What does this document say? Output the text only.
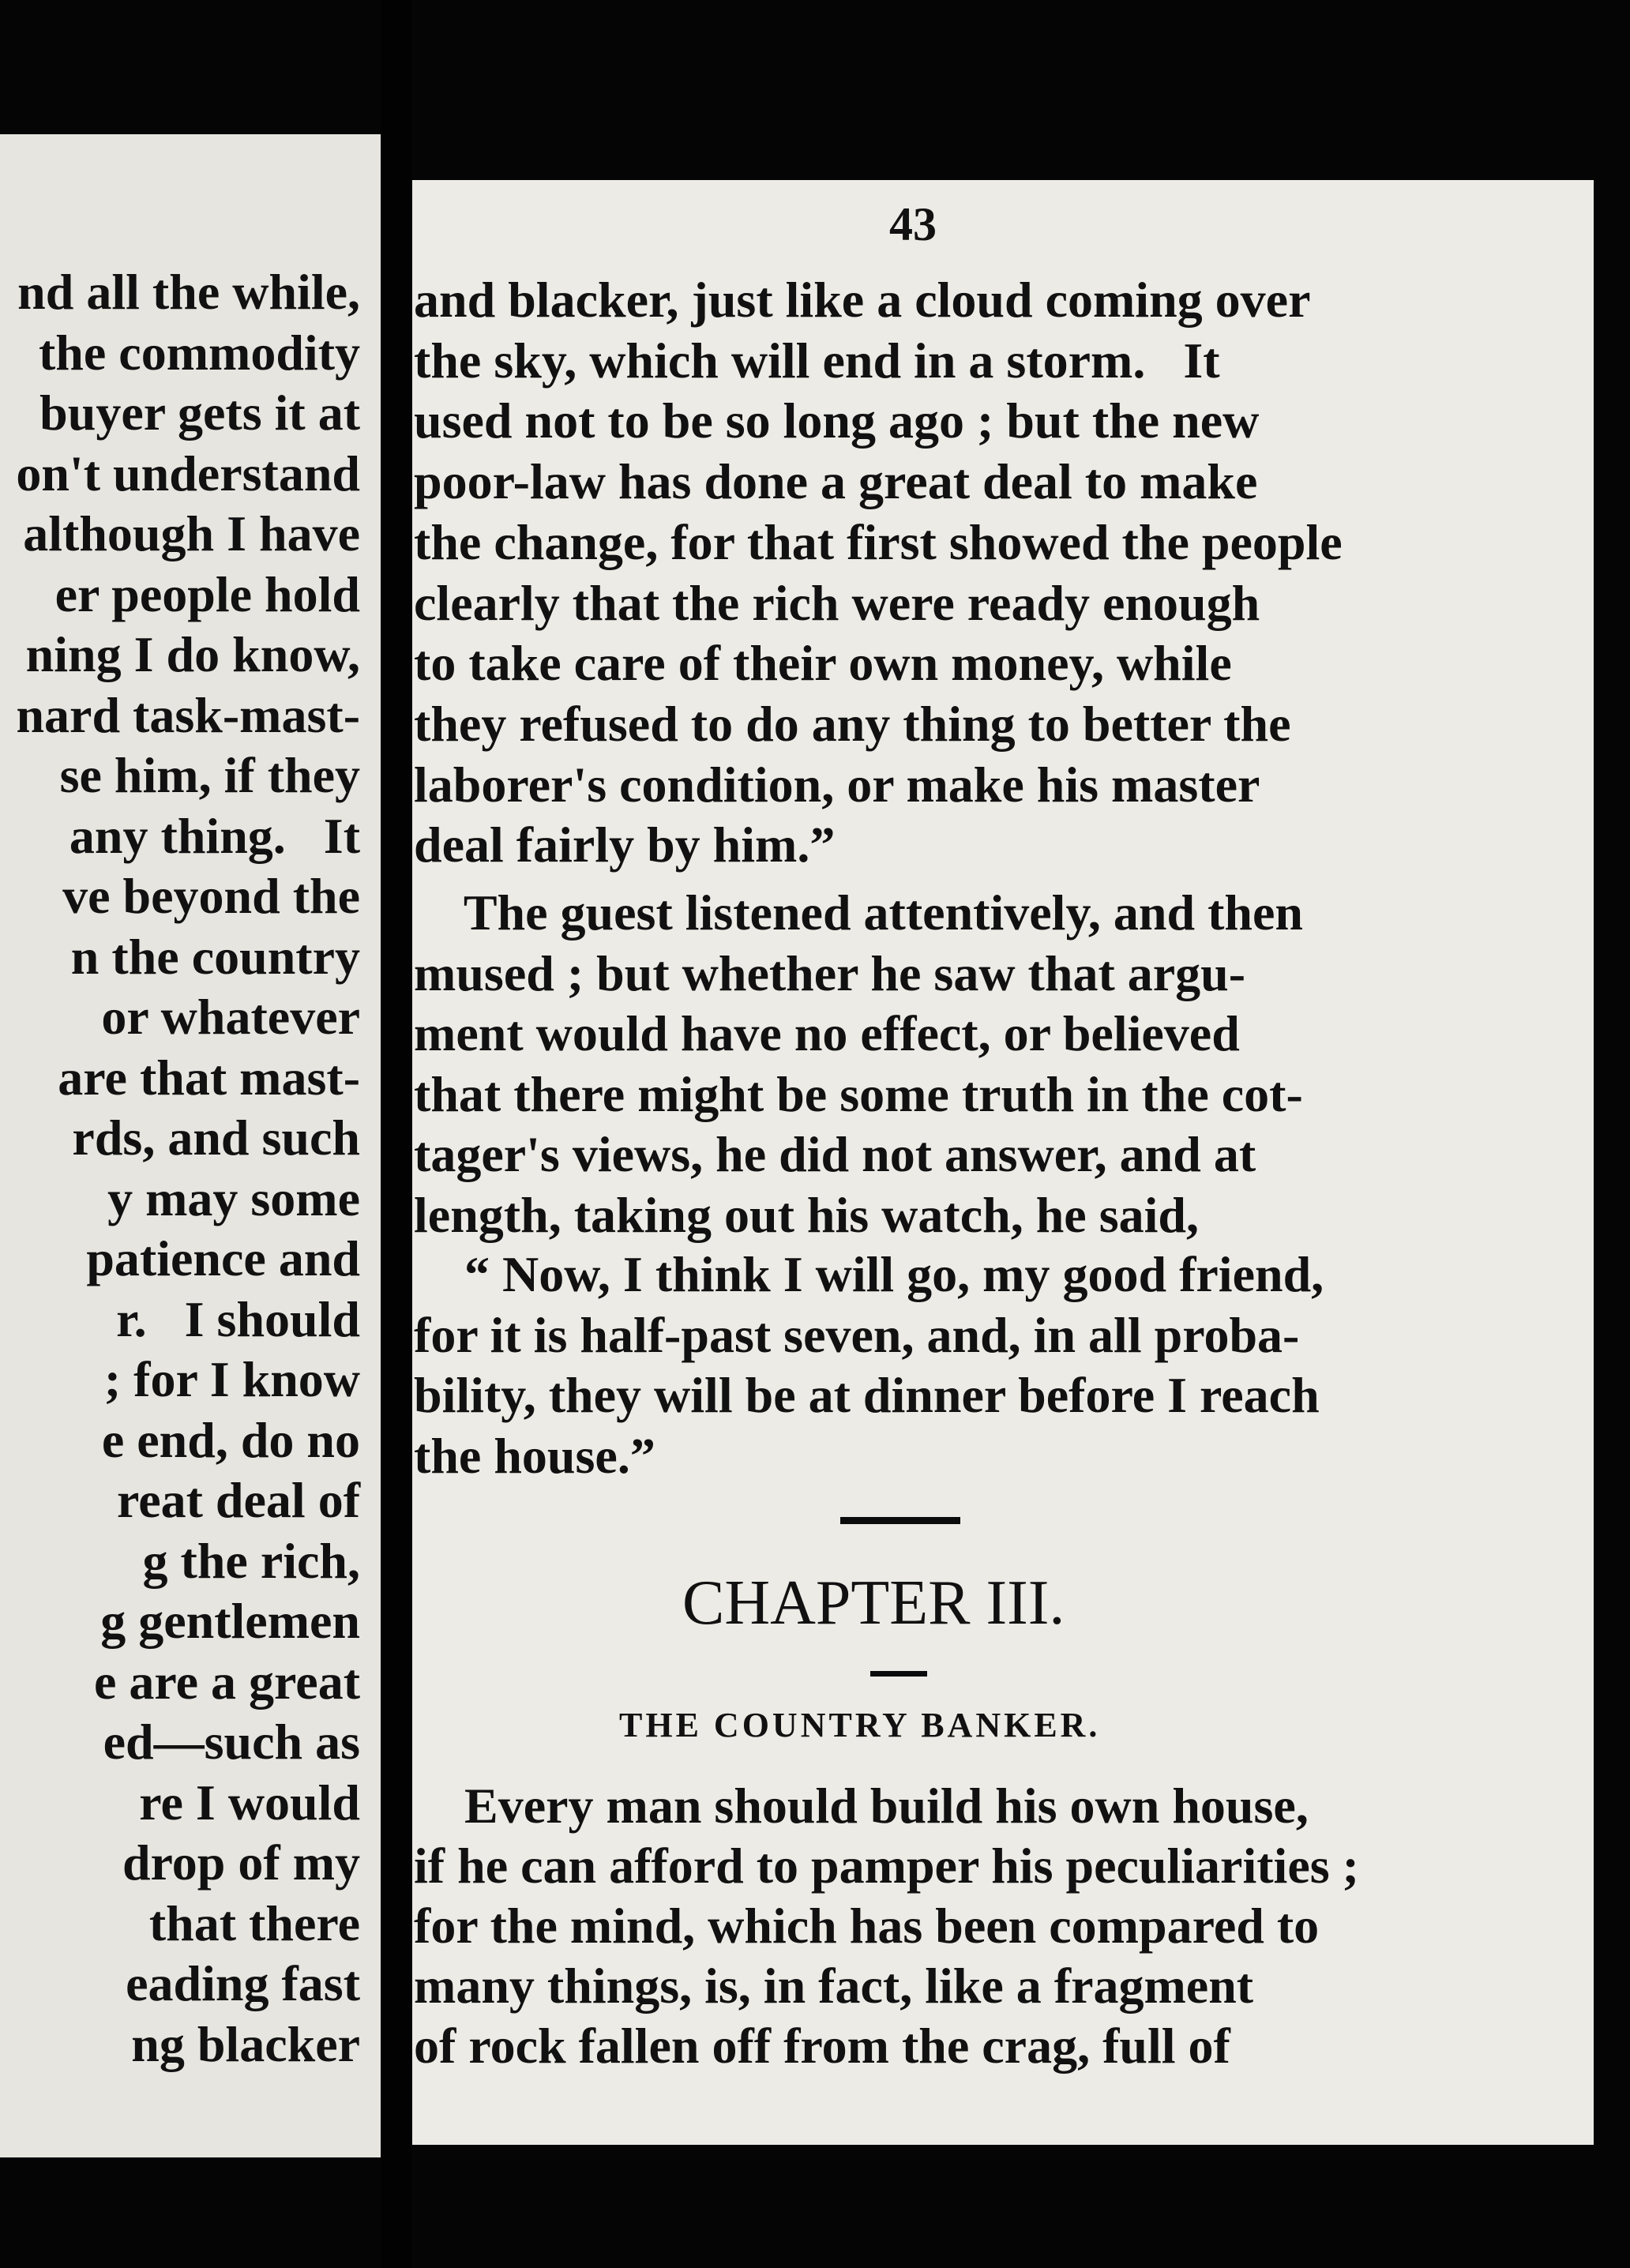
nd all the while,

the commodity

buyer gets it at

on't understand

although I have

er people hold

ning I do know,

nard task-mast-

se him, if they

any thing.   It

ve beyond the

n the country

or whatever

are that mast-

rds, and such

y may some

patience and

r.   I should

; for I know

e end, do no

reat deal of

g the rich,

g gentlemen

e are a great

ed—such as

re I would

drop of my

that there

eading fast

ng blacker

and blacker, just like a cloud coming over

the sky, which will end in a storm.   It

used not to be so long ago ; but the new

poor-law has done a great deal to make

the change, for that first showed the people

clearly that the rich were ready enough

to take care of their own money, while

they refused to do any thing to better the

laborer's condition, or make his master

deal fairly by him.”

The guest listened attentively, and then

mused ; but whether he saw that argu-

ment would have no effect, or believed

that there might be some truth in the cot-

tager's views, he did not answer, and at

length, taking out his watch, he said,

“ Now, I think I will go, my good friend,

for it is half-past seven, and, in all proba-

bility, they will be at dinner before I reach

the house.”

Every man should build his own house,

if he can afford to pamper his peculiarities ;

for the mind, which has been compared to

many things, is, in fact, like a fragment

of rock fallen off from the crag, full of

43

CHAPTER III.

THE COUNTRY BANKER.
